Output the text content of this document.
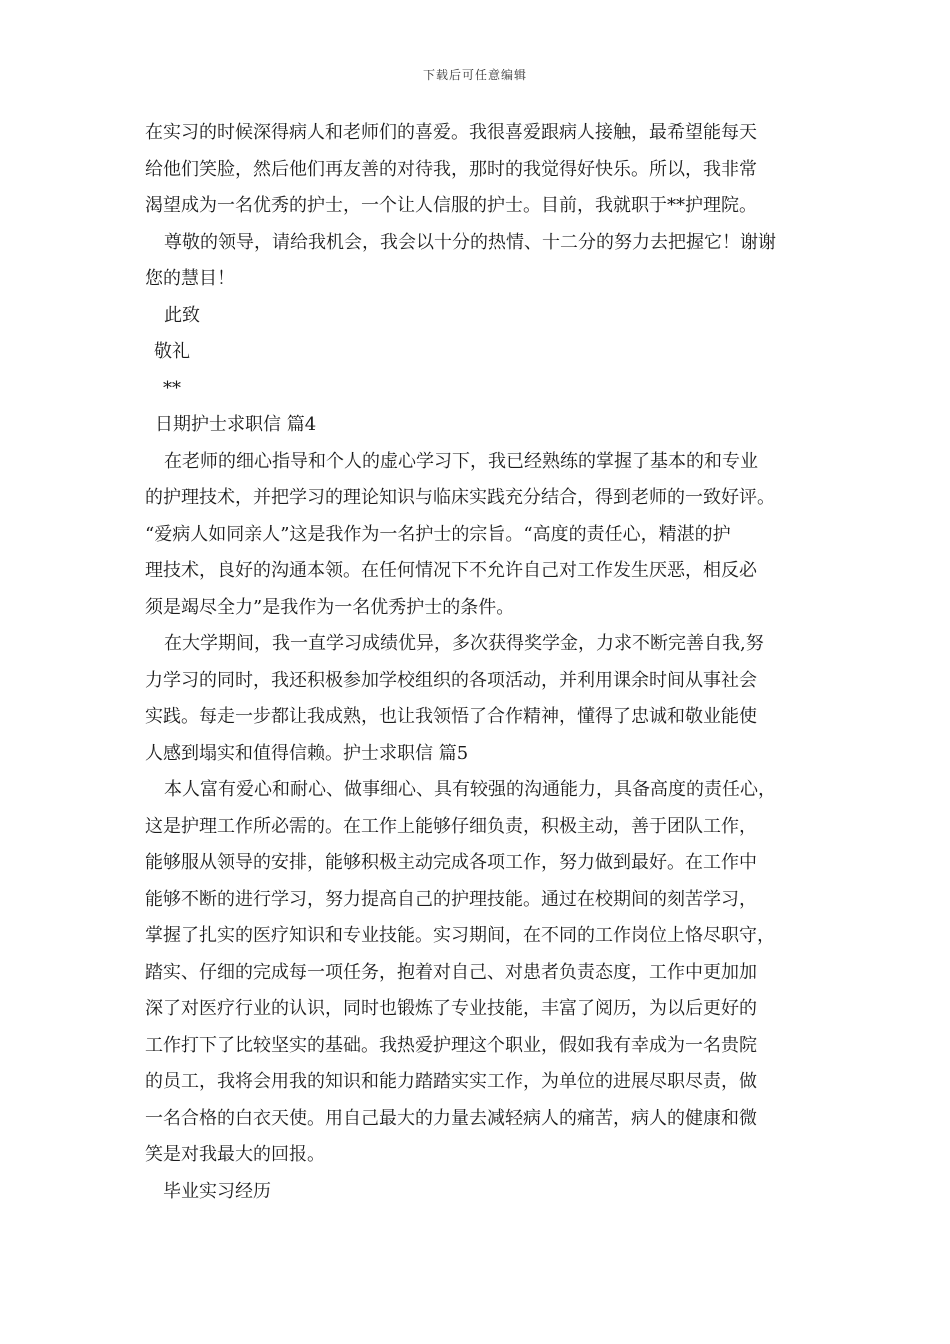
下载后可任意编辑
在实习的时候深得病人和老师们的喜爱。我很喜爱跟病人接触，最希望能每天
给他们笑脸，然后他们再友善的对待我，那时的我觉得好快乐。所以，我非常
渴望成为一名优秀的护士，一个让人信服的护士。目前，我就职于**护理院。
尊敬的领导，请给我机会，我会以十分的热情、十二分的努力去把握它！谢谢
您的慧目！
此致
敬礼
**
日期护士求职信 篇4
在老师的细心指导和个人的虚心学习下，我已经熟练的掌握了基本的和专业
的护理技术，并把学习的理论知识与临床实践充分结合，得到老师的一致好评。
“爱病人如同亲人”这是我作为一名护士的宗旨。“高度的责任心，精湛的护
理技术，良好的沟通本领。在任何情况下不允许自己对工作发生厌恶，相反必
须是竭尽全力”是我作为一名优秀护士的条件。
在大学期间，我一直学习成绩优异，多次获得奖学金，力求不断完善自我,努
力学习的同时，我还积极参加学校组织的各项活动，并利用课余时间从事社会
实践。每走一步都让我成熟，也让我领悟了合作精神，懂得了忠诚和敬业能使
人感到塌实和值得信赖。护士求职信 篇5
本人富有爱心和耐心、做事细心、具有较强的沟通能力，具备高度的责任心，
这是护理工作所必需的。在工作上能够仔细负责，积极主动，善于团队工作，
能够服从领导的安排，能够积极主动完成各项工作，努力做到最好。在工作中
能够不断的进行学习，努力提高自己的护理技能。通过在校期间的刻苦学习，
掌握了扎实的医疗知识和专业技能。实习期间，在不同的工作岗位上恪尽职守，
踏实、仔细的完成每一项任务，抱着对自己、对患者负责态度，工作中更加加
深了对医疗行业的认识，同时也锻炼了专业技能，丰富了阅历，为以后更好的
工作打下了比较坚实的基础。我热爱护理这个职业，假如我有幸成为一名贵院
的员工，我将会用我的知识和能力踏踏实实工作，为单位的进展尽职尽责，做
一名合格的白衣天使。用自己最大的力量去减轻病人的痛苦，病人的健康和微
笑是对我最大的回报。
毕业实习经历
